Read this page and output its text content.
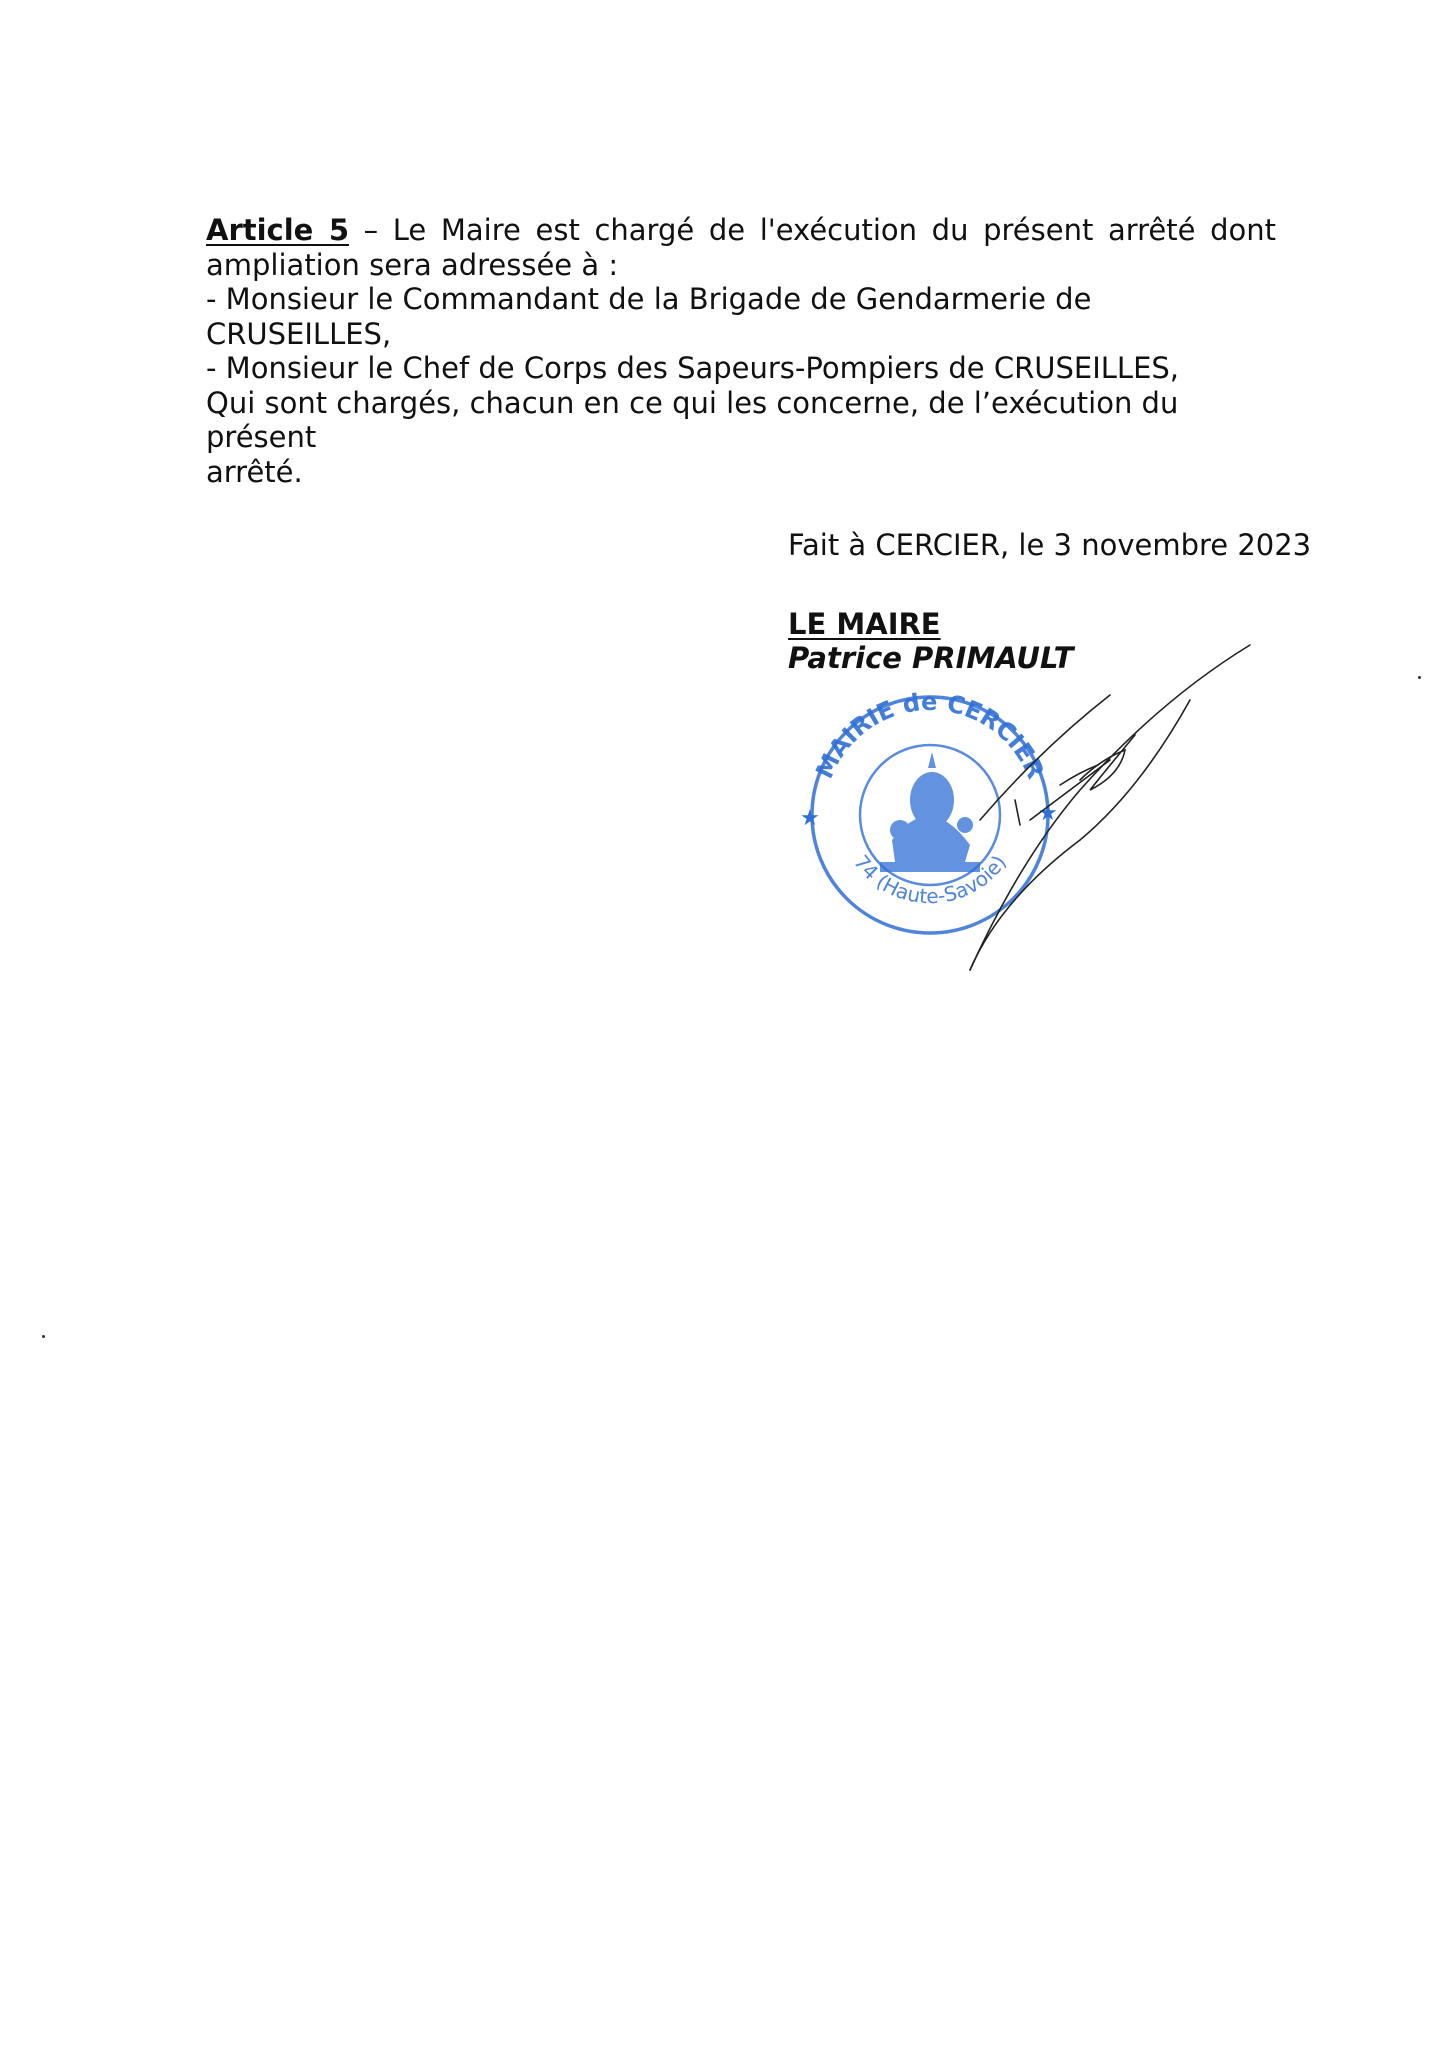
Article 5 – Le Maire est chargé de l'exécution du présent arrêté dont

ampliation sera adressée à :

- Monsieur le Commandant de la Brigade de Gendarmerie de CRUSEILLES,

- Monsieur le Chef de Corps des Sapeurs-Pompiers de CRUSEILLES,

Qui sont chargés, chacun en ce qui les concerne, de l’exécution du présent

arrêté.

Fait à CERCIER, le 3 novembre 2023
LE MAIRE
Patrice PRIMAULT
MAIRIE de CERCIER
74 (Haute-Savoie)
★	★
